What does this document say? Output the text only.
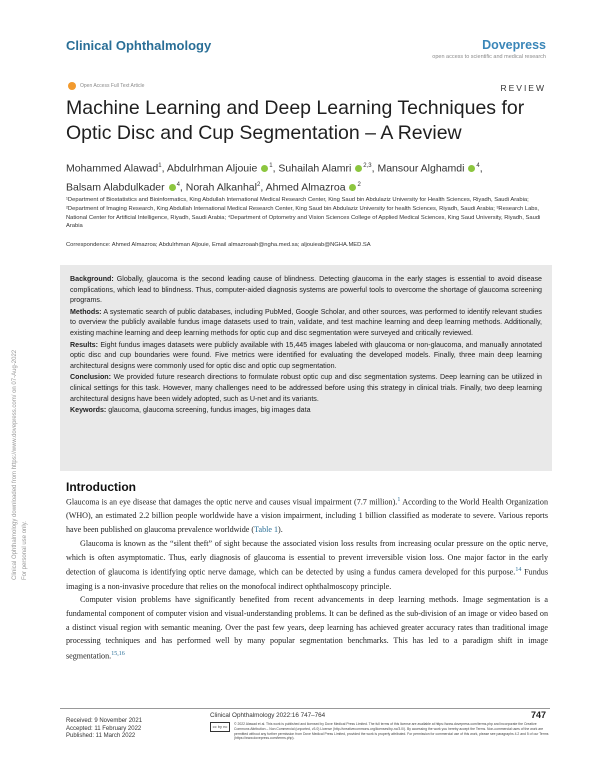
Clinical Ophthalmology	Dovepress
open access to scientific and medical research
Open Access Full Text Article	REVIEW
Machine Learning and Deep Learning Techniques for Optic Disc and Cup Segmentation – A Review
Mohammed Alawad$^1$, Abdulrhman Aljouie $^1$, Suhailah Alamri $^{2,3}$, Mansour Alghamdi $^4$,
Balsam Alabdulkader $^4$, Norah Alkanhal$^2$, Ahmed Almazroa $^2$
¹Department of Biostatistics and Bioinformatics, King Abdullah International Medical Research Center, King Saud bin Abdulaziz University for Health Sciences, Riyadh, Saudi Arabia; ²Department of Imaging Research, King Abdullah International Medical Research Center, King Saud bin Abdulaziz University for health Sciences, Riyadh, Saudi Arabia; ³Research Labs, National Center for Artificial Intelligence, Riyadh, Saudi Arabia; ⁴Department of Optometry and Vision Sciences College of Applied Medical Sciences, King Saud University, Riyadh, Saudi Arabia
Correspondence: Ahmed Almazroa; Abdulrhman Aljouie, Email almazroaah@ngha.med.sa; aljouieab@NGHA.MED.SA

Background: Globally, glaucoma is the second leading cause of blindness. Detecting glaucoma in the early stages is essential to avoid disease complications, which lead to blindness. Thus, computer-aided diagnosis systems are powerful tools to overcome the shortage of glaucoma screening programs.

Methods: A systematic search of public databases, including PubMed, Google Scholar, and other sources, was performed to identify relevant studies to overview the publicly available fundus image datasets used to train, validate, and test machine learning and deep learning methods. Additionally, existing machine learning and deep learning methods for optic cup and disc segmentation were surveyed and critically reviewed.

Results: Eight fundus images datasets were publicly available with 15,445 images labeled with glaucoma or non-glaucoma, and manually annotated optic disc and cup boundaries were found. Five metrics were identified for evaluating the developed models. Finally, three main deep learning architectural designs were commonly used for optic disc and optic cup segmentation.

Conclusion: We provided future research directions to formulate robust optic cup and disc segmentation systems. Deep learning can be utilized in clinical settings for this task. However, many challenges need to be addressed before using this strategy in clinical trials. Finally, two deep learning architectural designs have been widely adopted, such as U-net and its variants.

Keywords: glaucoma, glaucoma screening, fundus images, big images data

Introduction

Glaucoma is an eye disease that damages the optic nerve and causes visual impairment (7.7 million).$^1$ According to the World Health Organization (WHO), an estimated 2.2 billion people worldwide have a vision impairment, including 1 billion classified as moderate to severe. Various reports have been published on glaucoma prevalence worldwide (Table 1).

Glaucoma is known as the “silent theft” of sight because the associated vision loss results from increasing ocular pressure on the optic nerve, which is often asymptomatic. Thus, early diagnosis of glaucoma is essential to prevent irreversible vision loss. One major factor in the early detection of glaucoma is identifying optic nerve damage, which can be detected by using a fundus camera developed for this purpose.$^{14}$ Fundus imaging is a non-invasive procedure that relies on the monofocal indirect ophthalmoscopy principle.

Computer vision problems have significantly benefited from recent advancements in deep learning methods. Image segmentation is a fundamental component of computer vision and visual-understanding problems. It can be defined as the sub-division of an image or video based on a distinct visual region with semantic meaning. Over the past few years, deep learning has achieved greater accuracy rates than traditional image processing techniques and has performed well by many popular segmentation benchmarks. This has led to a paradigm shift in image segmentation.$^{15,16}$

Clinical Ophthalmology downloaded from https://www.dovepress.com/ on 07-Aug-2022 For personal use only.
Received: 9 November 2021
Accepted: 11 February 2022
Published: 11 March 2022
Clinical Ophthalmology 2022:16 747–764	747
cc by nc	© 2022 Alawad et al. This work is published and licensed by Dove Medical Press Limited. The full terms of this license are available at https://www.dovepress.com/terms.php and incorporate the Creative Commons Attribution – Non Commercial (unported, v3.0) License (http://creativecommons.org/licenses/by-nc/3.0/). By accessing the work you hereby accept the Terms. Non-commercial uses of the work are permitted without any further permission from Dove Medical Press Limited, provided the work is properly attributed. For permission for commercial use of this work, please see paragraphs 4.2 and 5 of our Terms (https://www.dovepress.com/terms.php).
